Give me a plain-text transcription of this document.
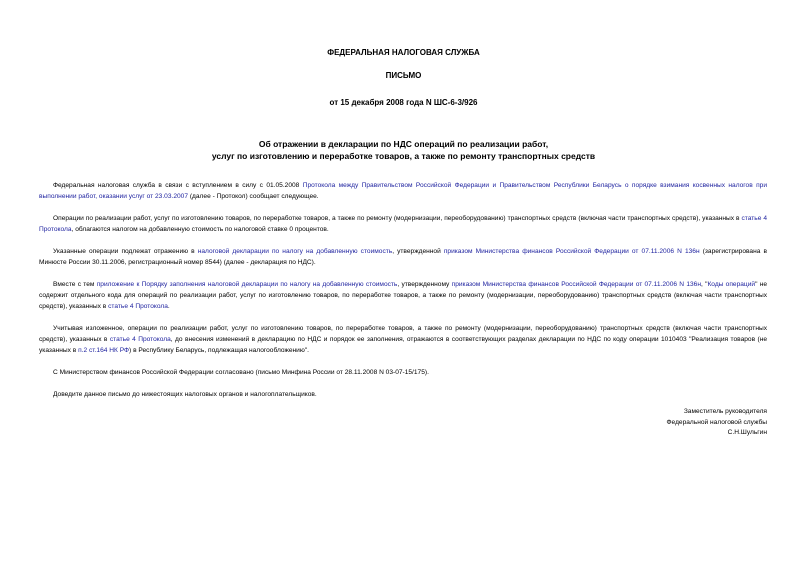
ФЕДЕРАЛЬНАЯ НАЛОГОВАЯ СЛУЖБА
ПИСЬМО
от 15 декабря 2008 года N ШС-6-3/926
Об отражении в декларации по НДС операций по реализации работ,
услуг по изготовлению и переработке товаров, а также по ремонту транспортных средств

Федеральная налоговая служба в связи с вступлением в силу с 01.05.2008 Протокола между Правительством Российской Федерации и Правительством Республики Беларусь о порядке взимания косвенных налогов при выполнении работ, оказании услуг от 23.03.2007 (далее - Протокол) сообщает следующее.

Операции по реализации работ, услуг по изготовлению товаров, по переработке товаров, а также по ремонту (модернизации, переоборудованию) транспортных средств (включая части транспортных средств), указанных в статье 4 Протокола, облагаются налогом на добавленную стоимость по налоговой ставке 0 процентов.

Указанные операции подлежат отражению в налоговой декларации по налогу на добавленную стоимость, утвержденной приказом Министерства финансов Российской Федерации от 07.11.2006 N 136н (зарегистрирована в Минюсте России 30.11.2006, регистрационный номер 8544) (далее - декларация по НДС).

Вместе с тем приложение к Порядку заполнения налоговой декларации по налогу на добавленную стоимость, утвержденному приказом Министерства финансов Российской Федерации от 07.11.2006 N 136н, "Коды операций" не содержит отдельного кода для операций по реализации работ, услуг по изготовлению товаров, по переработке товаров, а также по ремонту (модернизации, переоборудованию) транспортных средств (включая части транспортных средств), указанных в статье 4 Протокола.

Учитывая изложенное, операции по реализации работ, услуг по изготовлению товаров, по переработке товаров, а также по ремонту (модернизации, переоборудованию) транспортных средств (включая части транспортных средств), указанных в статье 4 Протокола, до внесения изменений в декларацию по НДС и порядок ее заполнения, отражаются в соответствующих разделах декларации по НДС по коду операции 1010403 "Реализация товаров (не указанных в п.2 ст.164 НК РФ) в Республику Беларусь, подлежащая налогообложению".

С Министерством финансов Российской Федерации согласовано (письмо Минфина России от 28.11.2008 N 03-07-15/175).

Доведите данное письмо до нижестоящих налоговых органов и налогоплательщиков.

Заместитель руководителя
Федеральной налоговой службы
С.Н.Шульгин
